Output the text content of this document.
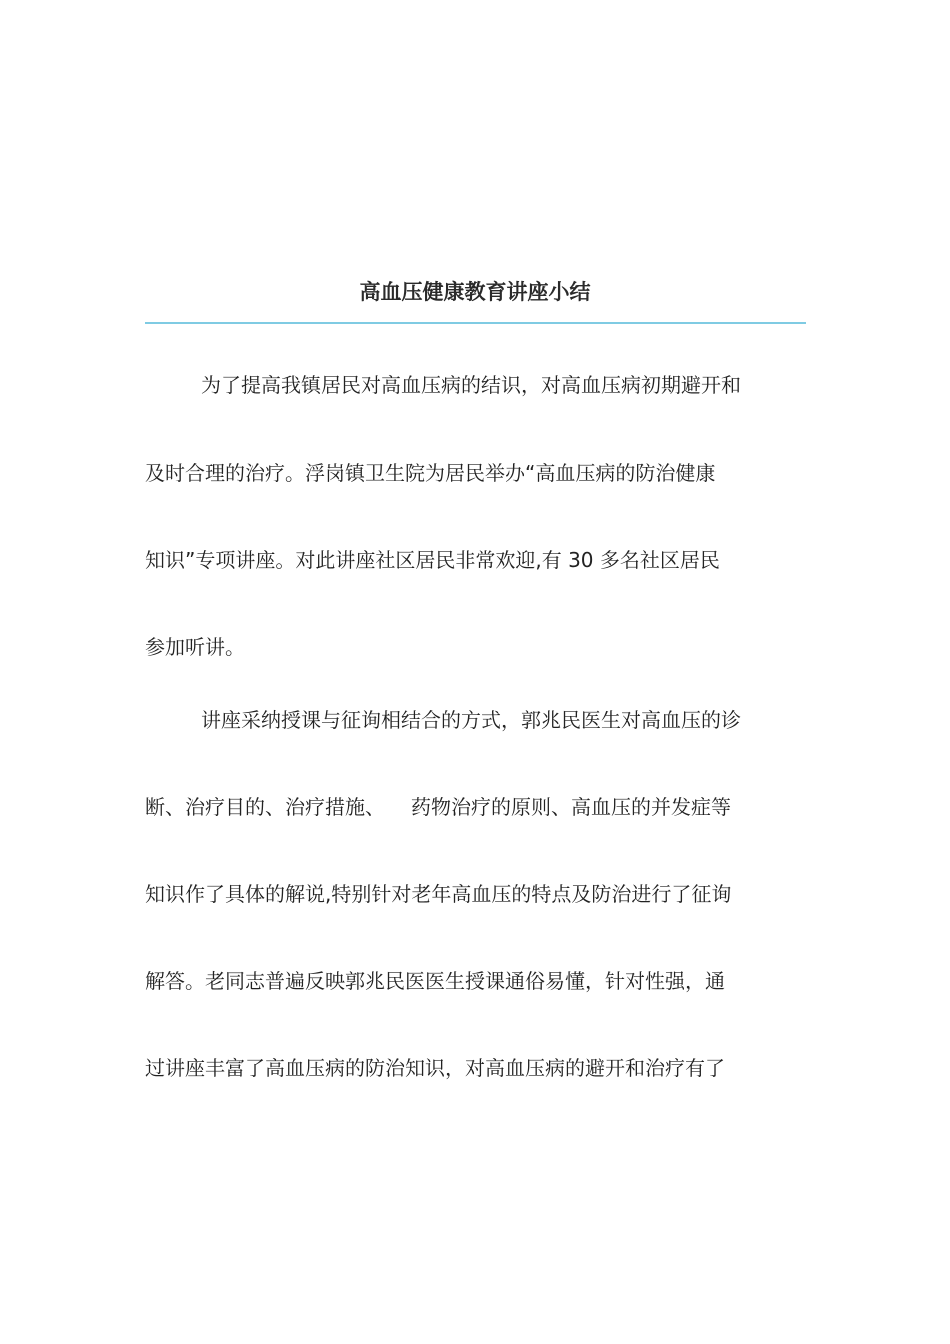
高血压健康教育讲座小结
为了提高我镇居民对高血压病的结识，对高血压病初期避开和
及时合理的治疗。浮岗镇卫生院为居民举办“高血压病的防治健康
知识”专项讲座。对此讲座社区居民非常欢迎,有 30 多名社区居民
参加听讲。
讲座采纳授课与征询相结合的方式，郭兆民医生对高血压的诊
断、治疗目的、治疗措施、 药物治疗的原则、高血压的并发症等
知识作了具体的解说,特别针对老年高血压的特点及防治进行了征询
解答。老同志普遍反映郭兆民医医生授课通俗易懂，针对性强，通
过讲座丰富了高血压病的防治知识，对高血压病的避开和治疗有了
